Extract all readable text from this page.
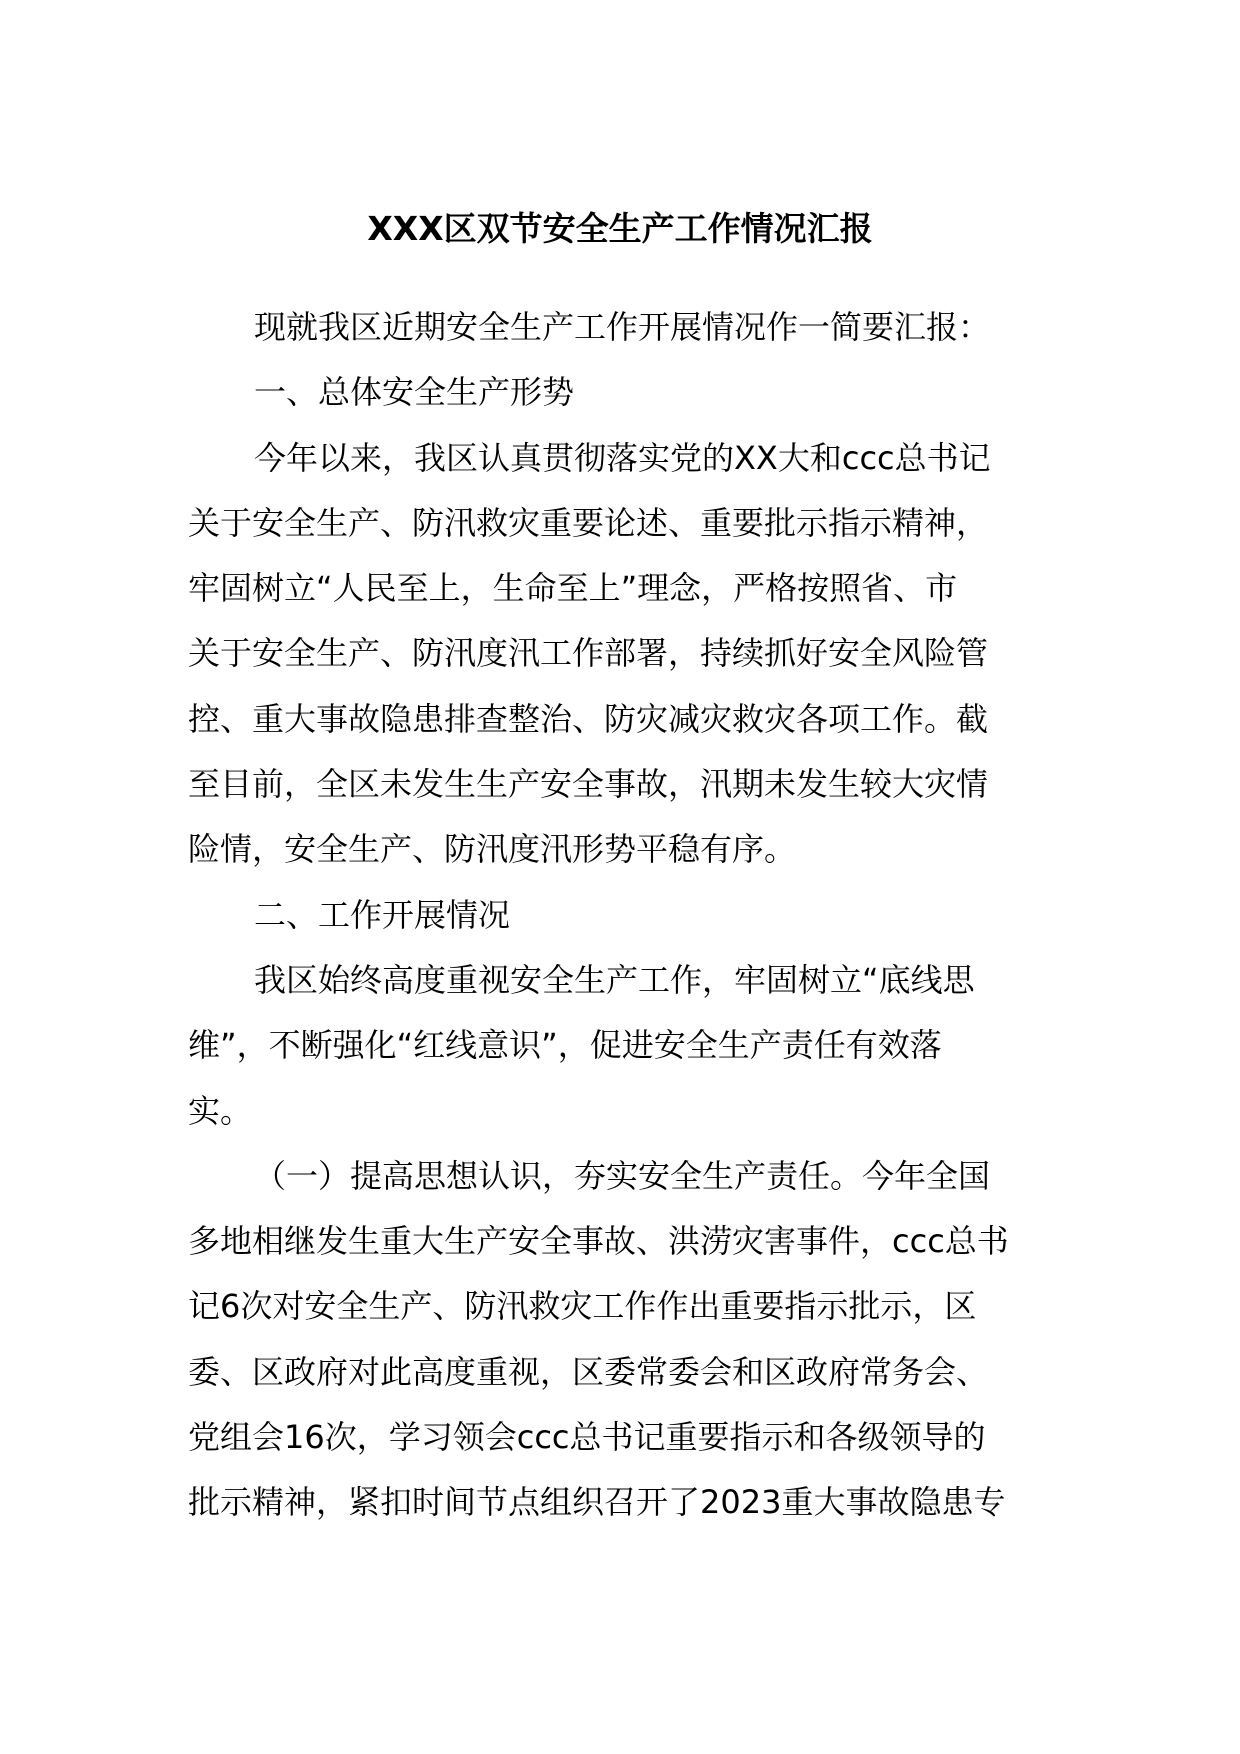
XXX区双节安全生产工作情况汇报
现就我区近期安全生产工作开展情况作一简要汇报：
一、总体安全生产形势
今年以来，我区认真贯彻落实党的XX大和ccc总书记
关于安全生产、防汛救灾重要论述、重要批示指示精神，
牢固树立“人民至上，生命至上”理念，严格按照省、市
关于安全生产、防汛度汛工作部署，持续抓好安全风险管
控、重大事故隐患排查整治、防灾减灾救灾各项工作。截
至目前，全区未发生生产安全事故，汛期未发生较大灾情
险情，安全生产、防汛度汛形势平稳有序。
二、工作开展情况
我区始终高度重视安全生产工作，牢固树立“底线思
维”，不断强化“红线意识”，促进安全生产责任有效落
实。
（一）提高思想认识，夯实安全生产责任。今年全国
多地相继发生重大生产安全事故、洪涝灾害事件，ccc总书
记6次对安全生产、防汛救灾工作作出重要指示批示，区
委、区政府对此高度重视，区委常委会和区政府常务会、
党组会16次，学习领会ccc总书记重要指示和各级领导的
批示精神，紧扣时间节点组织召开了2023重大事故隐患专
